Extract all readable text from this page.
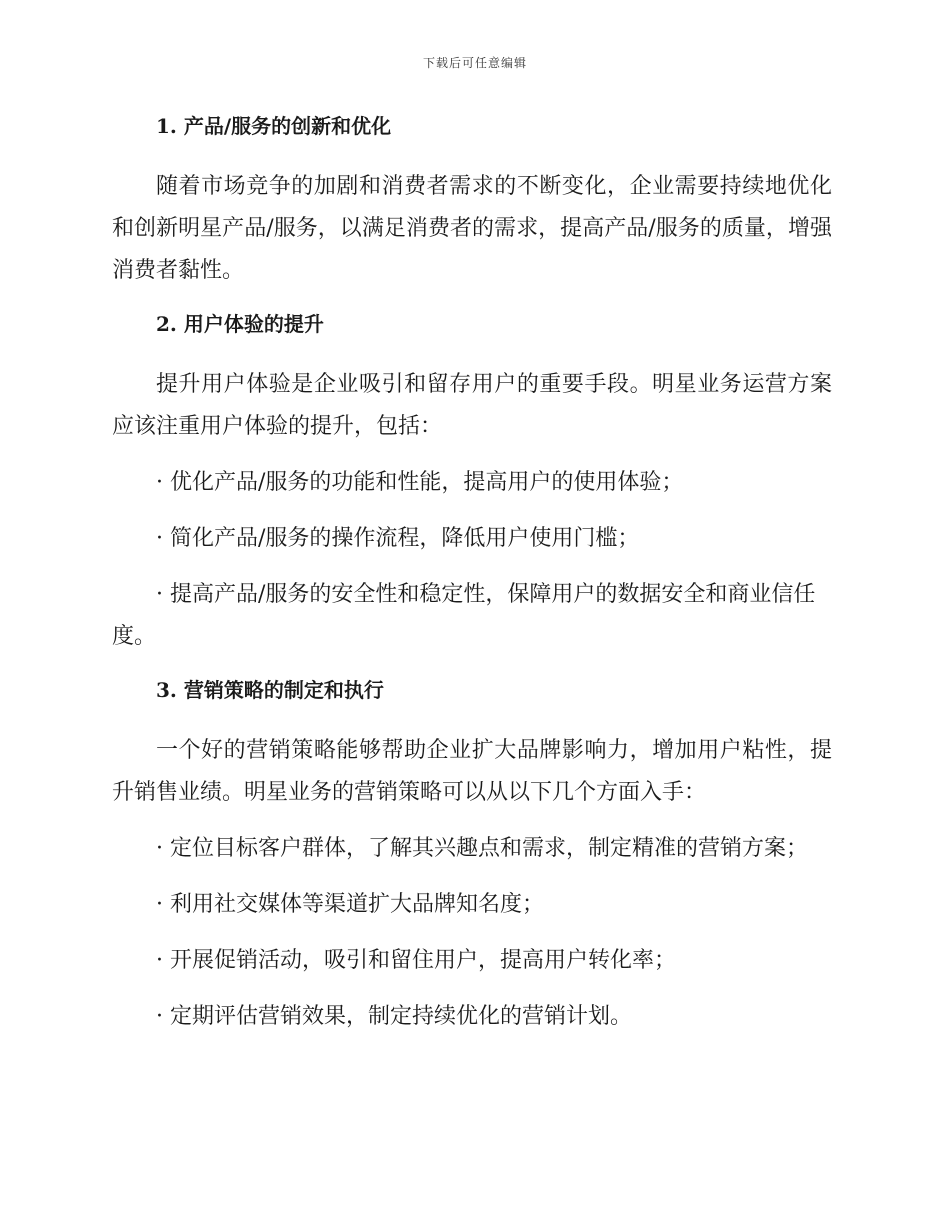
下载后可任意编辑
1. 产品/服务的创新和优化
随着市场竞争的加剧和消费者需求的不断变化，企业需要持续地优化和创新明星产品/服务，以满足消费者的需求，提高产品/服务的质量，增强消费者黏性。
2. 用户体验的提升
提升用户体验是企业吸引和留存用户的重要手段。明星业务运营方案应该注重用户体验的提升，包括：
· 优化产品/服务的功能和性能，提高用户的使用体验；
· 简化产品/服务的操作流程，降低用户使用门槛；
· 提高产品/服务的安全性和稳定性，保障用户的数据安全和商业信任度。
3. 营销策略的制定和执行
一个好的营销策略能够帮助企业扩大品牌影响力，增加用户粘性，提升销售业绩。明星业务的营销策略可以从以下几个方面入手：
· 定位目标客户群体，了解其兴趣点和需求，制定精准的营销方案；
· 利用社交媒体等渠道扩大品牌知名度；
· 开展促销活动，吸引和留住用户，提高用户转化率；
· 定期评估营销效果，制定持续优化的营销计划。
